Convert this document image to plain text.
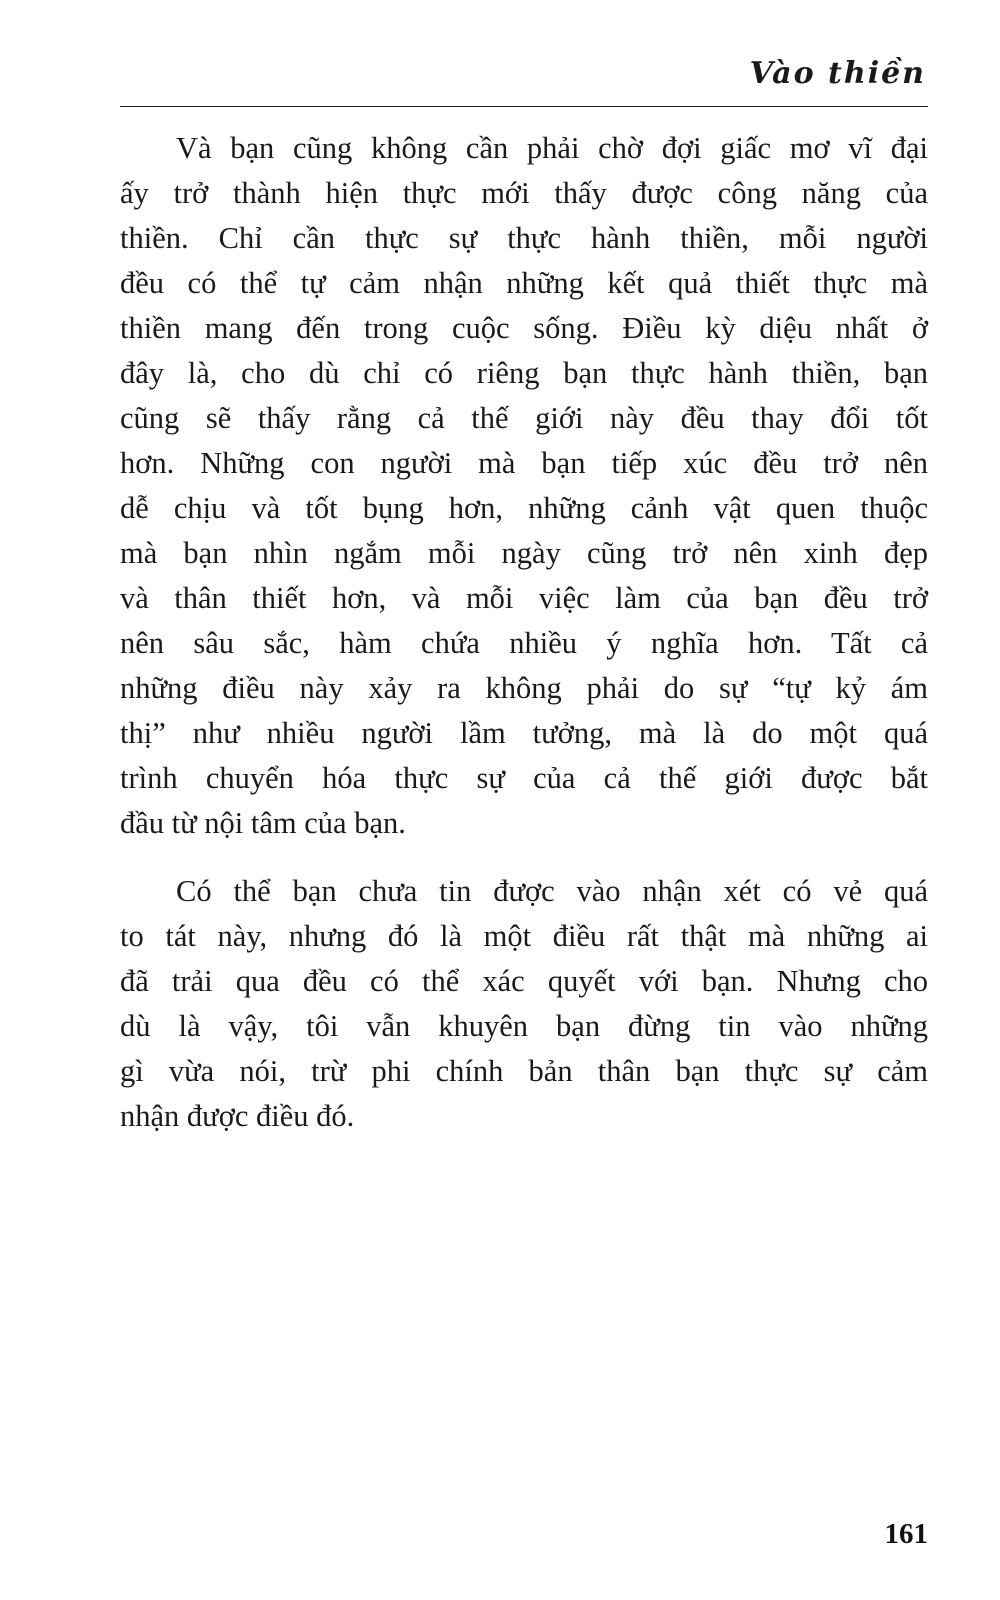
Vào thiền
Và bạn cũng không cần phải chờ đợi giấc mơ vĩ đại
ấy trở thành hiện thực mới thấy được công năng của
thiền. Chỉ cần thực sự thực hành thiền, mỗi người
đều có thể tự cảm nhận những kết quả thiết thực mà
thiền mang đến trong cuộc sống. Điều kỳ diệu nhất ở
đây là, cho dù chỉ có riêng bạn thực hành thiền, bạn
cũng sẽ thấy rằng cả thế giới này đều thay đổi tốt
hơn. Những con người mà bạn tiếp xúc đều trở nên
dễ chịu và tốt bụng hơn, những cảnh vật quen thuộc
mà bạn nhìn ngắm mỗi ngày cũng trở nên xinh đẹp
và thân thiết hơn, và mỗi việc làm của bạn đều trở
nên sâu sắc, hàm chứa nhiều ý nghĩa hơn. Tất cả
những điều này xảy ra không phải do sự “tự kỷ ám
thị” như nhiều người lầm tưởng, mà là do một quá
trình chuyển hóa thực sự của cả thế giới được bắt
đầu từ nội tâm của bạn.
Có thể bạn chưa tin được vào nhận xét có vẻ quá
to tát này, nhưng đó là một điều rất thật mà những ai
đã trải qua đều có thể xác quyết với bạn. Nhưng cho
dù là vậy, tôi vẫn khuyên bạn đừng tin vào những
gì vừa nói, trừ phi chính bản thân bạn thực sự cảm
nhận được điều đó.
161
